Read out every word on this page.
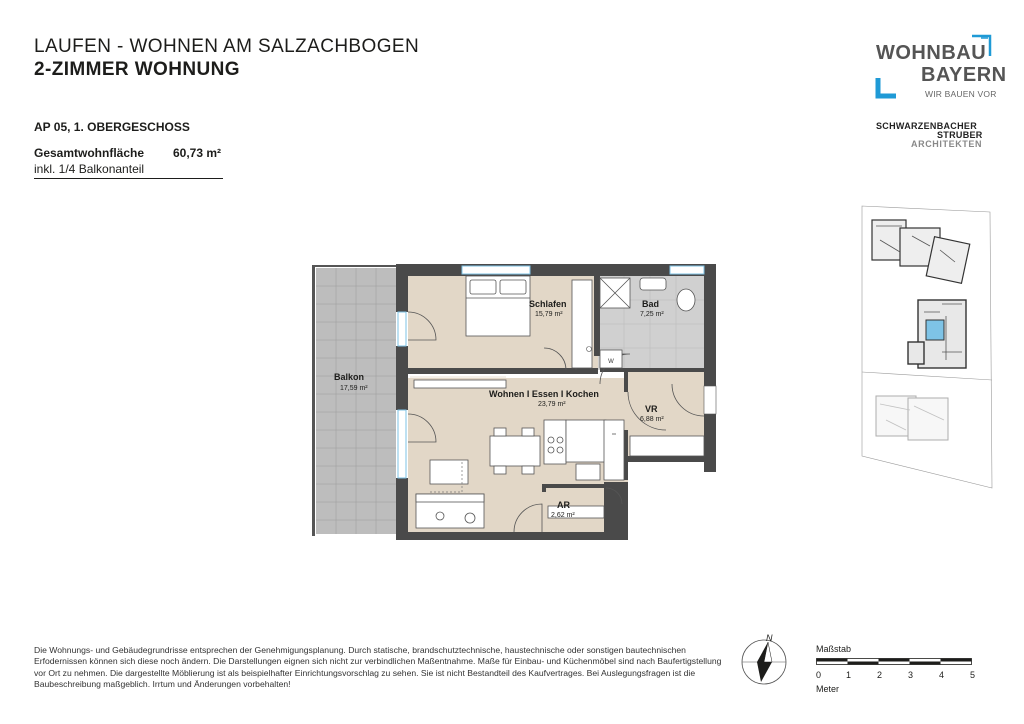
LAUFEN - WOHNEN AM SALZACHBOGEN
2-ZIMMER WOHNUNG
AP 05, 1. OBERGESCHOSS
Gesamtwohnfläche 60,73 m²
inkl. 1/4 Balkonanteil
WOHNBAU
BAYERN
WIR BAUEN VOR
SCHWARZENBACHER
STRUBER
ARCHITEKTEN
W
Balkon
17,59 m²
Schlafen
15,79 m²
Bad
7,25 m²
Wohnen I Essen I Kochen
23,79 m²	VR
6,88 m²
AR
2,62 m²
Die Wohnungs- und Gebäudegrundrisse entsprechen der Genehmigungsplanung. Durch statische, brandschutztechnische, haustechnische oder sonstigen bautechnischen Erfodernissen können sich diese noch ändern. Die Darstellungen eignen sich nicht zur verbindlichen Maßentnahme. Maße für Einbau- und Küchenmöbel sind nach Baufertigstellung vor Ort zu nehmen. Die dargestellte Möblierung ist als beispielhafter Einrichtungsvorschlag zu sehen. Sie ist nicht Bestandteil des Kaufvertrages. Bei Auslegungsfragen ist die Baubeschreibung maßgeblich. Irrtum und Änderungen vorbehalten!
N
Maßstab
0	1	2	3	4	5
Meter
